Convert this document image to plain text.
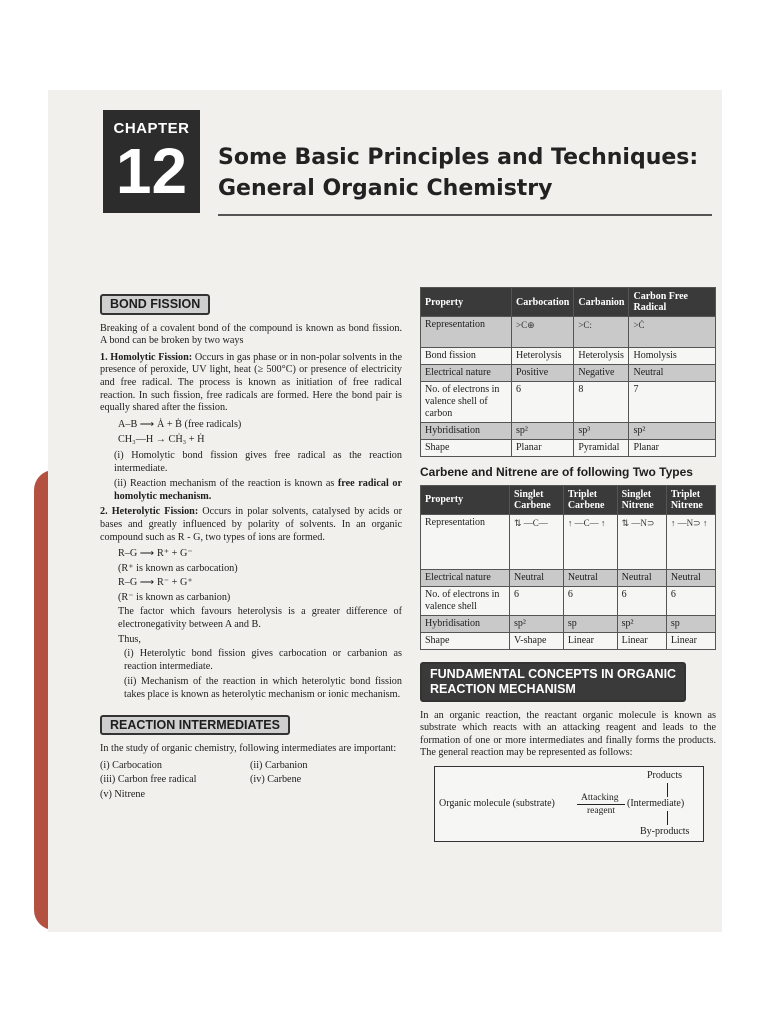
CHAPTER
12	Some Basic Principles and Techniques:
General Organic Chemistry
BOND FISSION

Breaking of a covalent bond of the compound is known as bond fission. A bond can be broken by two ways

1. Homolytic Fission: Occurs in gas phase or in non-polar solvents in the presence of peroxide, UV light, heat (≥ 500°C) or presence of electricity and free radical. The process is known as initiation of free radical reaction. In such fission, free radicals are formed. Here the bond pair is equally shared after the fission.
A–B ⟶ Ȧ + Ḃ (free radicals)
CH₃—H → CḢ₃ + Ḣ
(i) Homolytic bond fission gives free radical as the reaction intermediate.
(ii) Reaction mechanism of the reaction is known as free radical or homolytic mechanism.
2. Heterolytic Fission: Occurs in polar solvents, catalysed by acids or bases and greatly influenced by polarity of solvents. In an organic compound such as R - G, two types of ions are formed.
R–G ⟶ R⁺ + G⁻
(R⁺ is known as carbocation)
R–G ⟶ R⁻ + G⁺
(R⁻ is known as carbanion)
The factor which favours heterolysis is a greater difference of electronegativity between A and B.
Thus,
(i) Heterolytic bond fission gives carbocation or carbanion as reaction intermediate.
(ii) Mechanism of the reaction in which heterolytic bond fission takes place is known as heterolytic mechanism or ionic mechanism.
REACTION INTERMEDIATES

In the study of organic chemistry, following intermediates are important:

(i) Carbocation	(ii) Carbanion
(iii) Carbon free radical	(iv) Carbene
(v) Nitrene
Property	Carbocation	Carbanion	Carbon Free Radical
Representation	>C⊕	>C:	>Ċ
Bond fission	Heterolysis	Heterolysis	Homolysis
Electrical nature	Positive	Negative	Neutral
No. of electrons in valence shell of carbon	6	8	7
Hybridisation	sp²	sp³	sp²
Shape	Planar	Pyramidal	Planar
Carbene and Nitrene are of following Two Types
Property	Singlet Carbene	Triplet Carbene	Singlet Nitrene	Triplet Nitrene
Representation	⇅ —C—	↑ —C— ↑	⇅ —N⊃	↑ —N⊃ ↑
Electrical nature	Neutral	Neutral	Neutral	Neutral
No. of electrons in valence shell	6	6	6	6
Hybridisation	sp²	sp	sp²	sp
Shape	V-shape	Linear	Linear	Linear
FUNDAMENTAL CONCEPTS IN ORGANIC
REACTION MECHANISM

In an organic reaction, the reactant organic molecule is known as substrate which reacts with an attacking reagent and leads to the formation of one or more intermediates and finally forms the products. The general reaction may be represented as follows:

Products
Organic molecule (substrate)	Attacking
reagent
(Intermediate)
By-products
